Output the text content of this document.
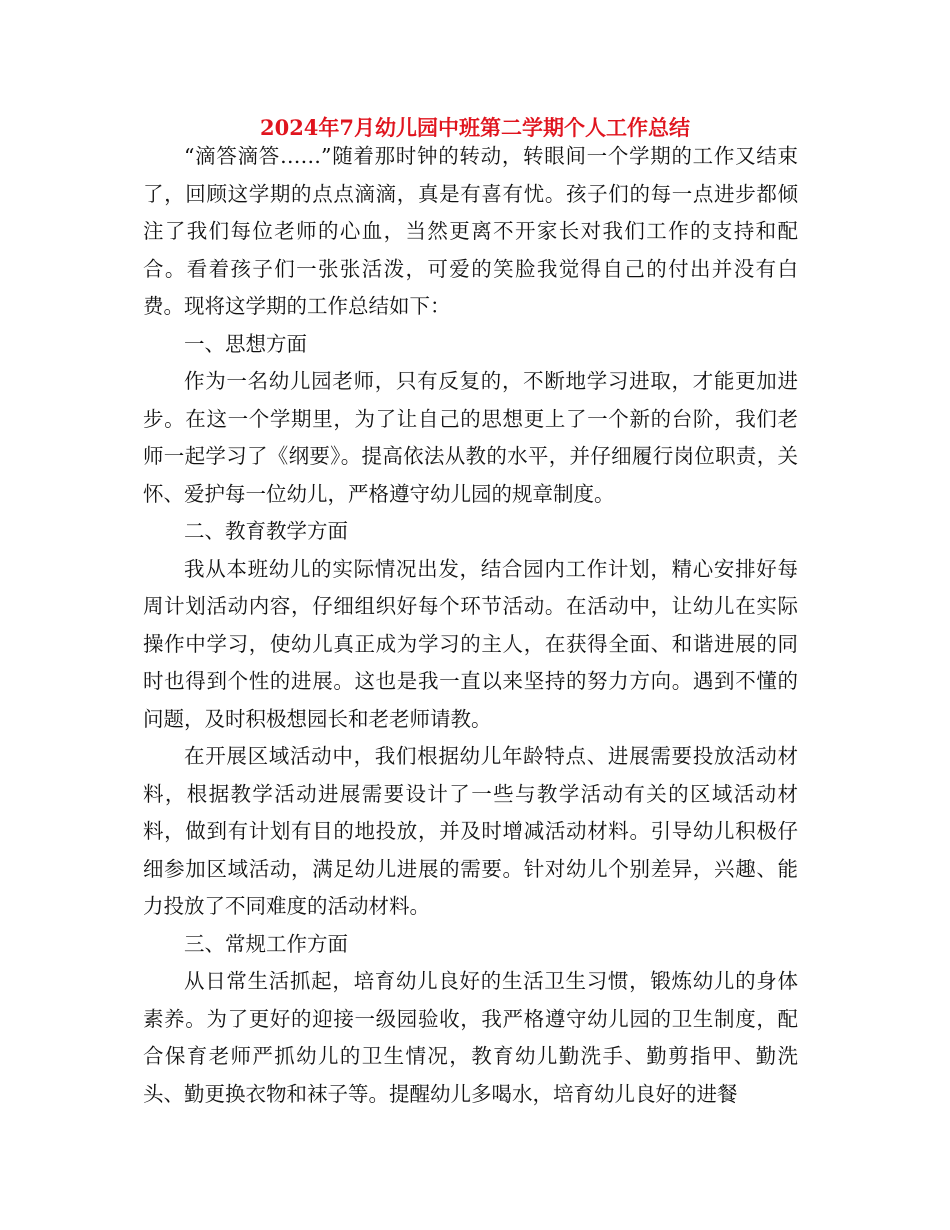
2024年7月幼儿园中班第二学期个人工作总结

“滴答滴答……”随着那时钟的转动，转眼间一个学期的工作又结束了，回顾这学期的点点滴滴，真是有喜有忧。孩子们的每一点进步都倾注了我们每位老师的心血，当然更离不开家长对我们工作的支持和配合。看着孩子们一张张活泼，可爱的笑脸我觉得自己的付出并没有白费。现将这学期的工作总结如下：

一、思想方面

作为一名幼儿园老师，只有反复的，不断地学习进取，才能更加进步。在这一个学期里，为了让自己的思想更上了一个新的台阶，我们老师一起学习了《纲要》。提高依法从教的水平，并仔细履行岗位职责，关怀、爱护每一位幼儿，严格遵守幼儿园的规章制度。

二、教育教学方面

我从本班幼儿的实际情况出发，结合园内工作计划，精心安排好每周计划活动内容，仔细组织好每个环节活动。在活动中，让幼儿在实际操作中学习，使幼儿真正成为学习的主人，在获得全面、和谐进展的同时也得到个性的进展。这也是我一直以来坚持的努力方向。遇到不懂的问题，及时积极想园长和老老师请教。

在开展区域活动中，我们根据幼儿年龄特点、进展需要投放活动材料，根据教学活动进展需要设计了一些与教学活动有关的区域活动材料，做到有计划有目的地投放，并及时增减活动材料。引导幼儿积极仔细参加区域活动，满足幼儿进展的需要。针对幼儿个别差异，兴趣、能力投放了不同难度的活动材料。

三、常规工作方面

从日常生活抓起，培育幼儿良好的生活卫生习惯，锻炼幼儿的身体素养。为了更好的迎接一级园验收，我严格遵守幼儿园的卫生制度，配合保育老师严抓幼儿的卫生情况，教育幼儿勤洗手、勤剪指甲、勤洗头、勤更换衣物和袜子等。提醒幼儿多喝水，培育幼儿良好的进餐
